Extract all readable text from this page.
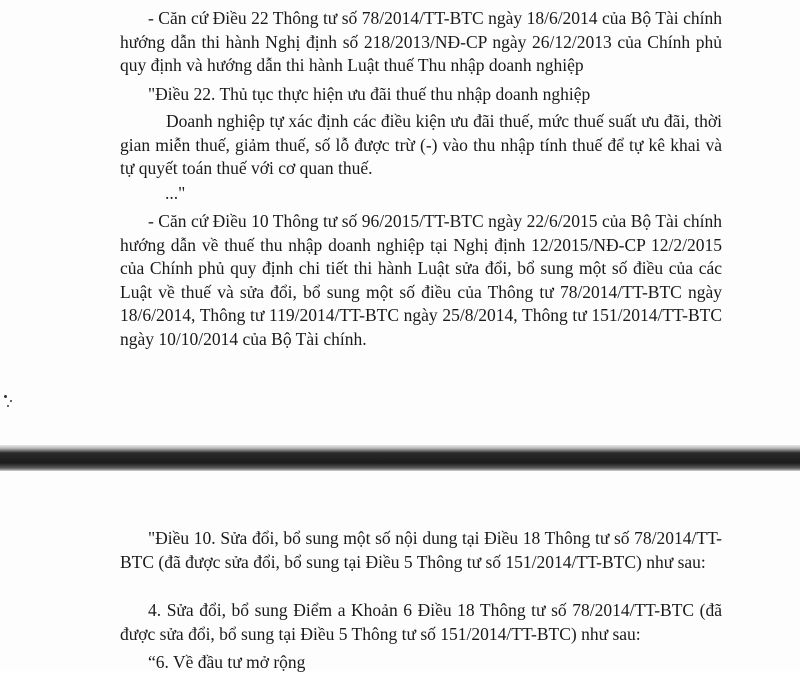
- Căn cứ Điều 22 Thông tư số 78/2014/TT-BTC ngày 18/6/2014 của Bộ Tài chính hướng dẫn thi hành Nghị định số 218/2013/NĐ-CP ngày 26/12/2013 của Chính phủ quy định và hướng dẫn thi hành Luật thuế Thu nhập doanh nghiệp

"Điều 22. Thủ tục thực hiện ưu đãi thuế thu nhập doanh nghiệp

Doanh nghiệp tự xác định các điều kiện ưu đãi thuế, mức thuế suất ưu đãi, thời gian miễn thuế, giảm thuế, số lỗ được trừ (-) vào thu nhập tính thuế để tự kê khai và tự quyết toán thuế với cơ quan thuế.

..."

- Căn cứ Điều 10 Thông tư số 96/2015/TT-BTC ngày 22/6/2015 của Bộ Tài chính hướng dẫn về thuế thu nhập doanh nghiệp tại Nghị định 12/2015/NĐ-CP 12/2/2015 của Chính phủ quy định chi tiết thi hành Luật sửa đổi, bổ sung một số điều của các Luật về thuế và sửa đổi, bổ sung một số điều của Thông tư 78/2014/TT-BTC ngày 18/6/2014, Thông tư 119/2014/TT-BTC ngày 25/8/2014, Thông tư 151/2014/TT-BTC ngày 10/10/2014 của Bộ Tài chính.

"Điều 10. Sửa đổi, bổ sung một số nội dung tại Điều 18 Thông tư số 78/2014/TT-BTC (đã được sửa đổi, bổ sung tại Điều 5 Thông tư số 151/2014/TT-BTC) như sau:

4. Sửa đổi, bổ sung Điểm a Khoản 6 Điều 18 Thông tư số 78/2014/TT-BTC (đã được sửa đổi, bổ sung tại Điều 5 Thông tư số 151/2014/TT-BTC) như sau:

“6. Về đầu tư mở rộng
